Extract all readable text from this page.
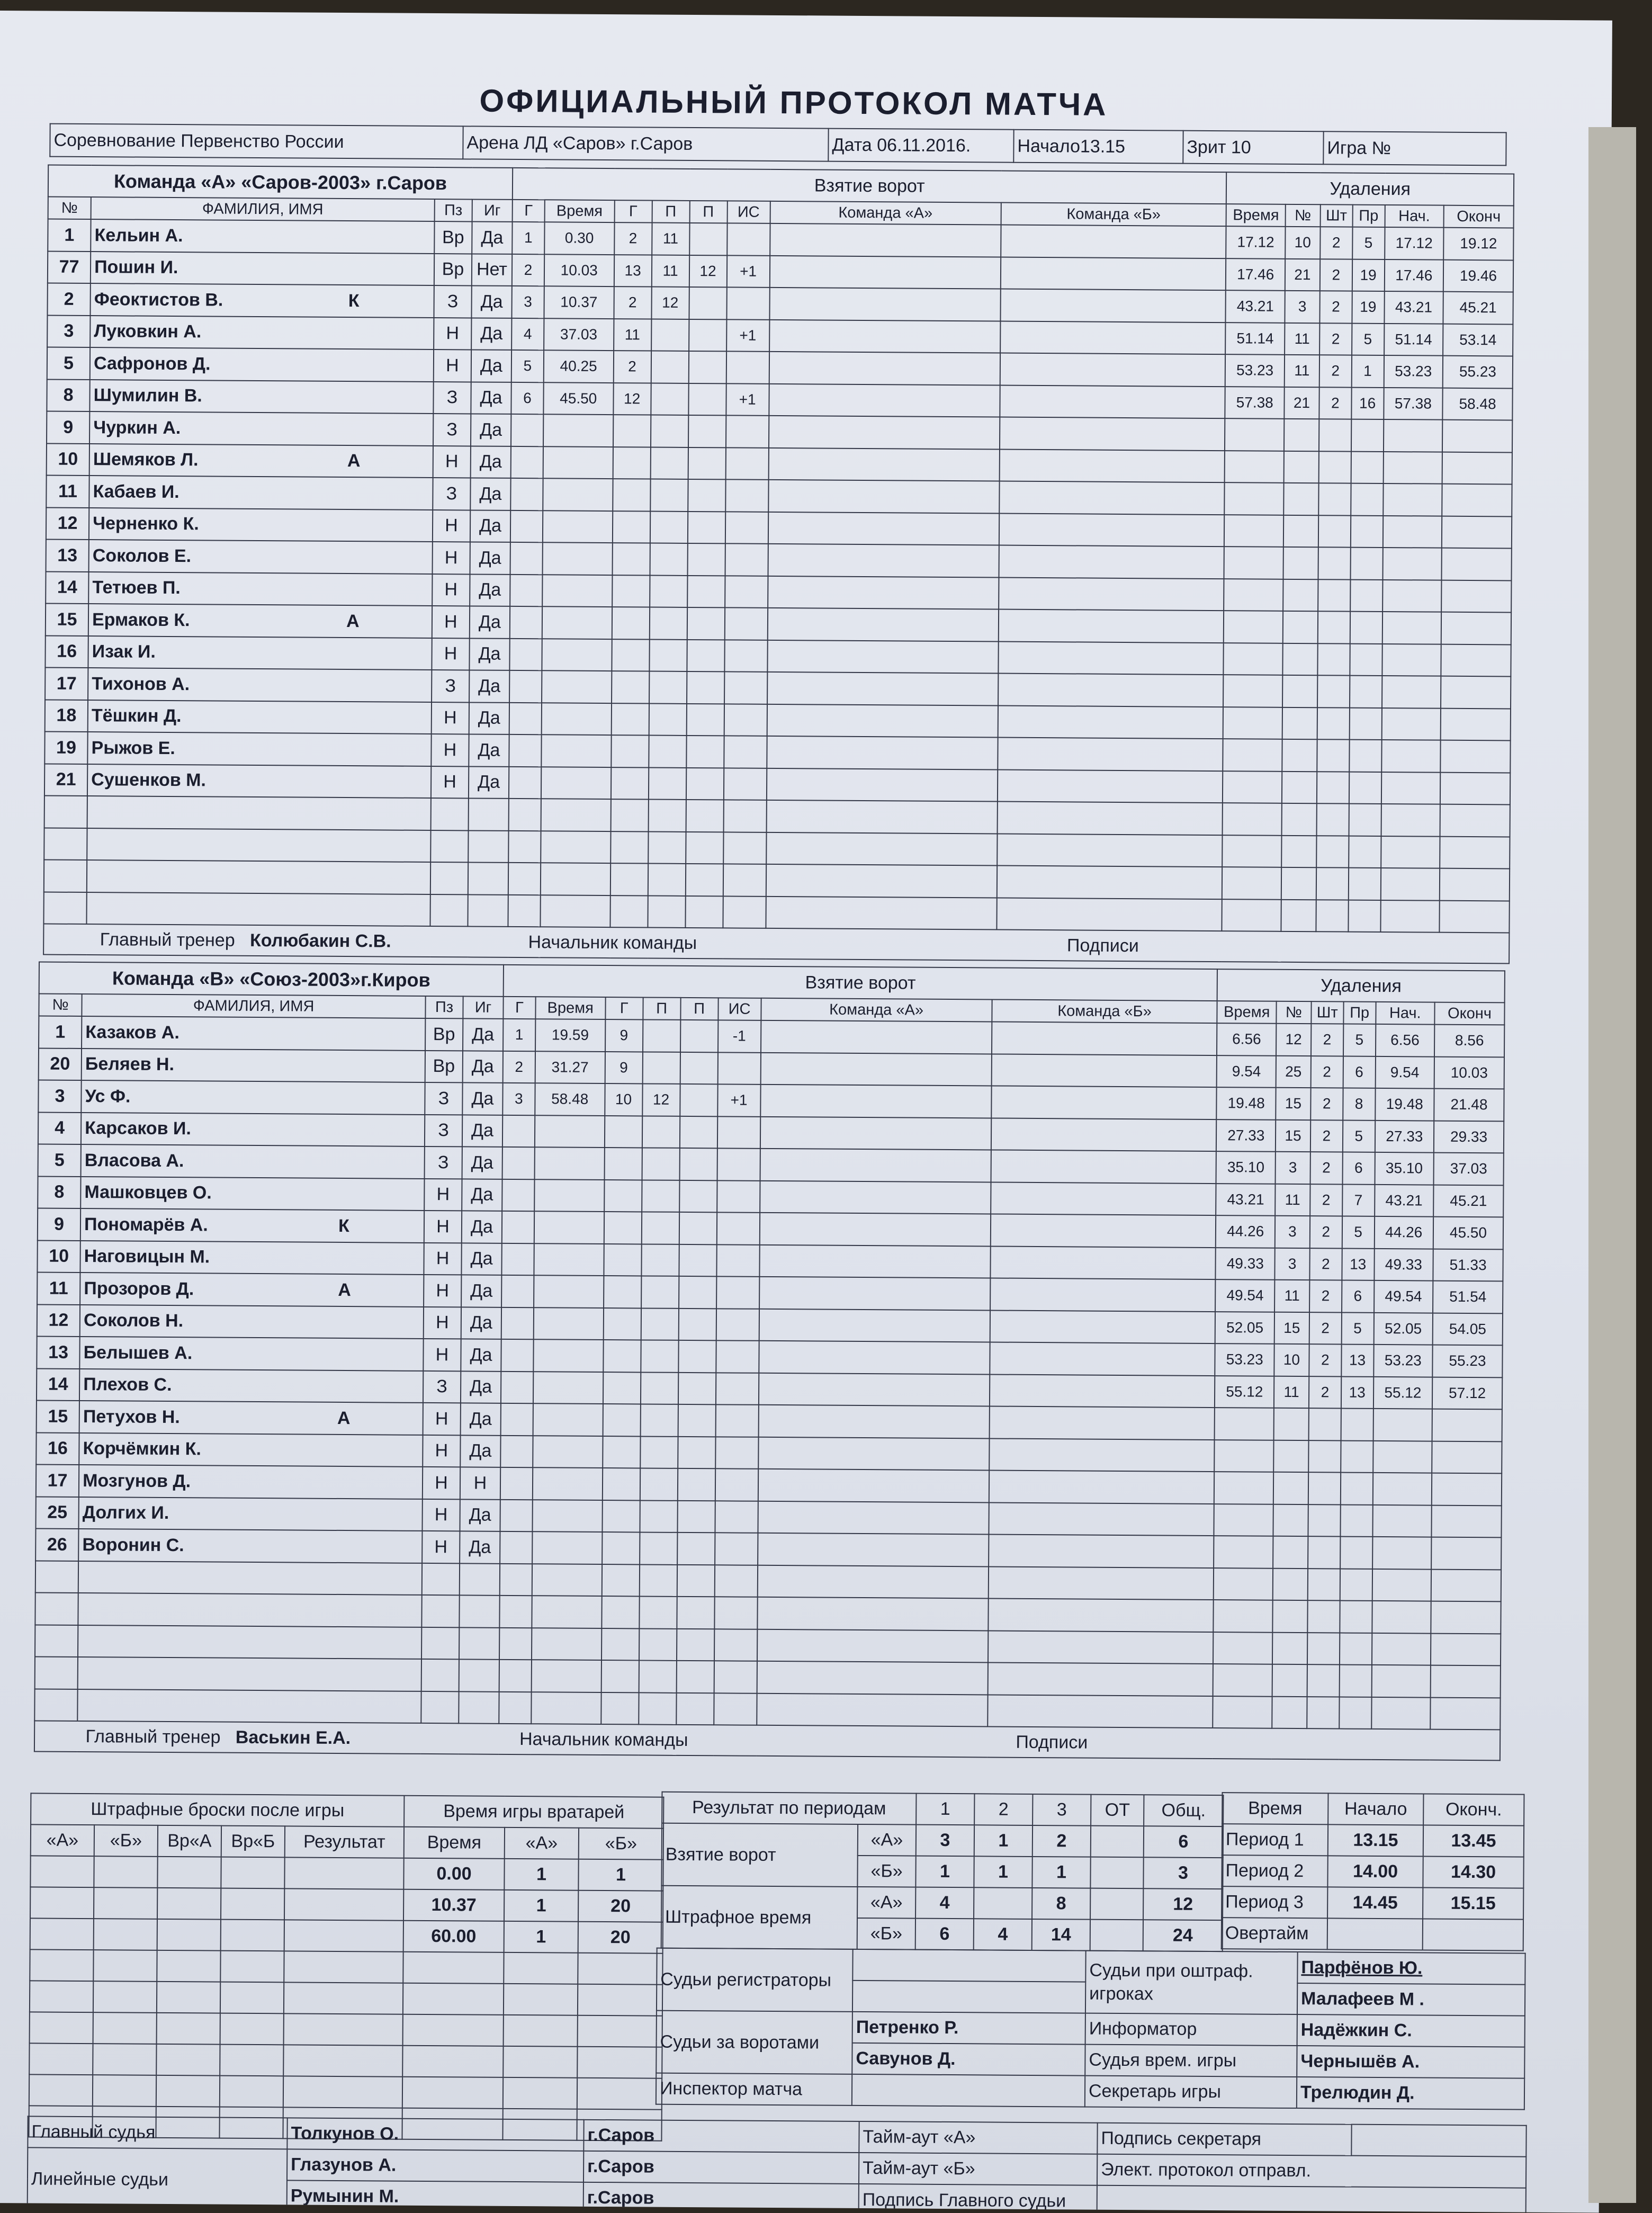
ОФИЦИАЛЬНЫЙ ПРОТОКОЛ МАТЧА
Соревнование Первенство России	Арена ЛД «Саров» г.Саров	Дата 06.11.2016.	Начало13.15	Зрит 10	Игра №
Команда «А» «Саров-2003» г.Саров				Взятие ворот								Удаления					
№	ФАМИЛИЯ, ИМЯ	Пз	Иг	Г	Время	Г	П	П	ИС	Команда «А»	Команда «Б»	Время	№	Шт	Пр	Нач.	Оконч
1	Кельин А.	Вр	Да	1	0.30	2	11					17.12	10	2	5	17.12	19.12
77	Пошин И.	Вр	Нет	2	10.03	13	11	12	+1			17.46	21	2	19	17.46	19.46
2	Феоктистов В. К	З	Да	3	10.37	2	12					43.21	3	2	19	43.21	45.21
3	Луковкин А.	Н	Да	4	37.03	11			+1			51.14	11	2	5	51.14	53.14
5	Сафронов Д.	Н	Да	5	40.25	2						53.23	11	2	1	53.23	55.23
8	Шумилин В.	З	Да	6	45.50	12			+1			57.38	21	2	16	57.38	58.48
9	Чуркин А.	З	Да														
10	Шемяков Л. А	Н	Да														
11	Кабаев И.	З	Да														
12	Черненко К.	Н	Да														
13	Соколов Е.	Н	Да														
14	Тетюев П.	Н	Да														
15	Ермаков К. А	Н	Да														
16	Изак И.	Н	Да														
17	Тихонов А.	З	Да														
18	Тёшкин Д.	Н	Да														
19	Рыжов Е.	Н	Да														
21	Сушенков М.	Н	Да														

Главный тренер Колюбакин С.В. Начальник команды Подписи																	
Команда «В» «Союз-2003»г.Киров				Взятие ворот								Удаления					
№	ФАМИЛИЯ, ИМЯ	Пз	Иг	Г	Время	Г	П	П	ИС	Команда «А»	Команда «Б»	Время	№	Шт	Пр	Нач.	Оконч
1	Казаков А.	Вр	Да	1	19.59	9			-1			6.56	12	2	5	6.56	8.56
20	Беляев Н.	Вр	Да	2	31.27	9						9.54	25	2	6	9.54	10.03
3	Ус Ф.	З	Да	3	58.48	10	12		+1			19.48	15	2	8	19.48	21.48
4	Карсаков И.	З	Да									27.33	15	2	5	27.33	29.33
5	Власова А.	З	Да									35.10	3	2	6	35.10	37.03
8	Машковцев О.	Н	Да									43.21	11	2	7	43.21	45.21
9	Пономарёв А. К	Н	Да									44.26	3	2	5	44.26	45.50
10	Наговицын М.	Н	Да									49.33	3	2	13	49.33	51.33
11	Прозоров Д. А	Н	Да									49.54	11	2	6	49.54	51.54
12	Соколов Н.	Н	Да									52.05	15	2	5	52.05	54.05
13	Белышев А.	Н	Да									53.23	10	2	13	53.23	55.23
14	Плехов С.	З	Да									55.12	11	2	13	55.12	57.12
15	Петухов Н. А	Н	Да														
16	Корчёмкин К.	Н	Да														
17	Мозгунов Д.	Н	Н														
25	Долгих И.	Н	Да														
26	Воронин С.	Н	Да														

Главный тренер Васькин Е.А. Начальник команды Подписи																	
Штрафные броски после игры					Время игры вратарей		
«А»	«Б»	Вр«А	Вр«Б	Результат	Время	«А»	«Б»
					0.00	1	1
					10.37	1	20
					60.00	1	20

Результат по периодам		1	2	3	ОТ	Общ.
Взятие ворот	«А»	3	1	2		6
	«Б»	1	1	1		3
Штрафное время	«А»	4		8		12
	«Б»	6	4	14		24
Время	Начало	Оконч.
Период 1	13.15	13.45
Период 2	14.00	14.30
Период 3	14.45	15.15
Овертайм		
Судьи регистраторы		Судьи при оштраф. игроках	Парфёнов Ю.
			Малафеев М .
Судьи за воротами	Петренко Р.	Информатор	Надёжкин С.
	Савунов Д.	Судья врем. игры	Чернышёв А.
Инспектор матча		Секретарь игры	Трелюдин Д.
Главный судья	Толкунов О.	г.Саров	Тайм-аут «А»	Подпись секретаря	
Линейные судьи	Глазунов А.	г.Саров	Тайм-аут «Б»	Элект. протокол отправл.	
	Румынин М.	г.Саров	Подпись Главного судьи		
